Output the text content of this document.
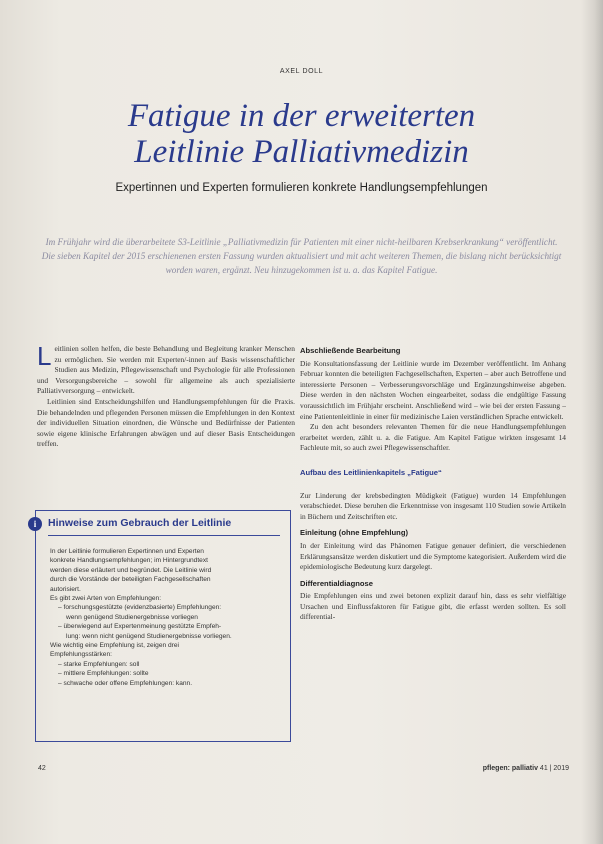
AXEL DOLL
Fatigue in der erweiterten
Leitlinie Palliativmedizin
Expertinnen und Experten formulieren konkrete Handlungsempfehlungen
Im Frühjahr wird die überarbeitete S3-Leitlinie „Palliativmedizin für Patienten mit einer nicht-heilbaren Krebserkrankung“ veröffentlicht. Die sieben Kapitel der 2015 erschienenen ersten Fassung wurden aktualisiert und mit acht weiteren Themen, die bislang nicht berücksichtigt worden waren, ergänzt. Neu hinzugekommen ist u. a. das Kapitel Fatigue.

Leitlinien sollen helfen, die beste Behandlung und Begleitung kranker Menschen zu ermöglichen. Sie werden mit Experten/-innen auf Basis wissenschaftlicher Studien aus Medizin, Pflegewissenschaft und Psychologie für alle Professionen und Versorgungsbereiche – sowohl für allgemeine als auch spezialisierte Palliativversorgung – entwickelt.

Leitlinien sind Entscheidungshilfen und Handlungsempfehlungen für die Praxis. Die behandelnden und pflegenden Personen müssen die Empfehlungen in den Kontext der individuellen Situation einordnen, die Wünsche und Bedürfnisse der Patienten sowie eigene klinische Erfahrungen abwägen und auf dieser Basis Entscheidungen treffen.

i	Hinweise zum Gebrauch der Leitlinie
In der Leitlinie formulieren Expertinnen und Experten
konkrete Handlungsempfehlungen; im Hintergrundtext
werden diese erläutert und begründet. Die Leitlinie wird
durch die Vorstände der beteiligten Fachgesellschaften
autorisiert.
Es gibt zwei Arten von Empfehlungen:
– forschungsgestützte (evidenzbasierte) Empfehlungen:
wenn genügend Studienergebnisse vorliegen
– überwiegend auf Expertenmeinung gestützte Empfeh-
lung: wenn nicht genügend Studienergebnisse vorliegen.
Wie wichtig eine Empfehlung ist, zeigen drei
Empfehlungsstärken:
– starke Empfehlungen: soll
– mittlere Empfehlungen: sollte
– schwache oder offene Empfehlungen: kann.
Abschließende Bearbeitung

Die Konsultationsfassung der Leitlinie wurde im Dezember veröffentlicht. Im Anhang Februar konnten die beteiligten Fachgesellschaften, Experten – aber auch Betroffene und interessierte Personen – Verbesserungsvorschläge und Ergänzungshinweise abgeben. Diese werden in den nächsten Wochen eingearbeitet, sodass die endgültige Fassung voraussichtlich im Frühjahr erscheint. Anschließend wird – wie bei der ersten Fassung – eine Patientenleitlinie in einer für medizinische Laien verständlichen Sprache entwickelt.

Zu den acht besonders relevanten Themen für die neue Handlungsempfehlungen erarbeitet werden, zählt u. a. die Fatigue. Am Kapitel Fatigue wirkten insgesamt 14 Fachleute mit, so auch zwei Pflegewissenschaftler.

Aufbau des Leitlinienkapitels „Fatigue“

Zur Linderung der krebsbedingten Müdigkeit (Fatigue) wurden 14 Empfehlungen verabschiedet. Diese beruhen die Erkenntnisse von insgesamt 110 Studien sowie Artikeln in Büchern und Zeitschriften etc.

Einleitung (ohne Empfehlung)

In der Einleitung wird das Phänomen Fatigue genauer definiert, die verschiedenen Erklärungsansätze werden diskutiert und die Symptome kategorisiert. Außerdem wird die epidemiologische Bedeutung kurz dargelegt.

Differentialdiagnose

Die Empfehlungen eins und zwei betonen explizit darauf hin, dass es sehr vielfältige Ursachen und Einflussfaktoren für Fatigue gibt, die erfasst werden sollten. Es soll differential-

42	pflegen: palliativ 41 | 2019
